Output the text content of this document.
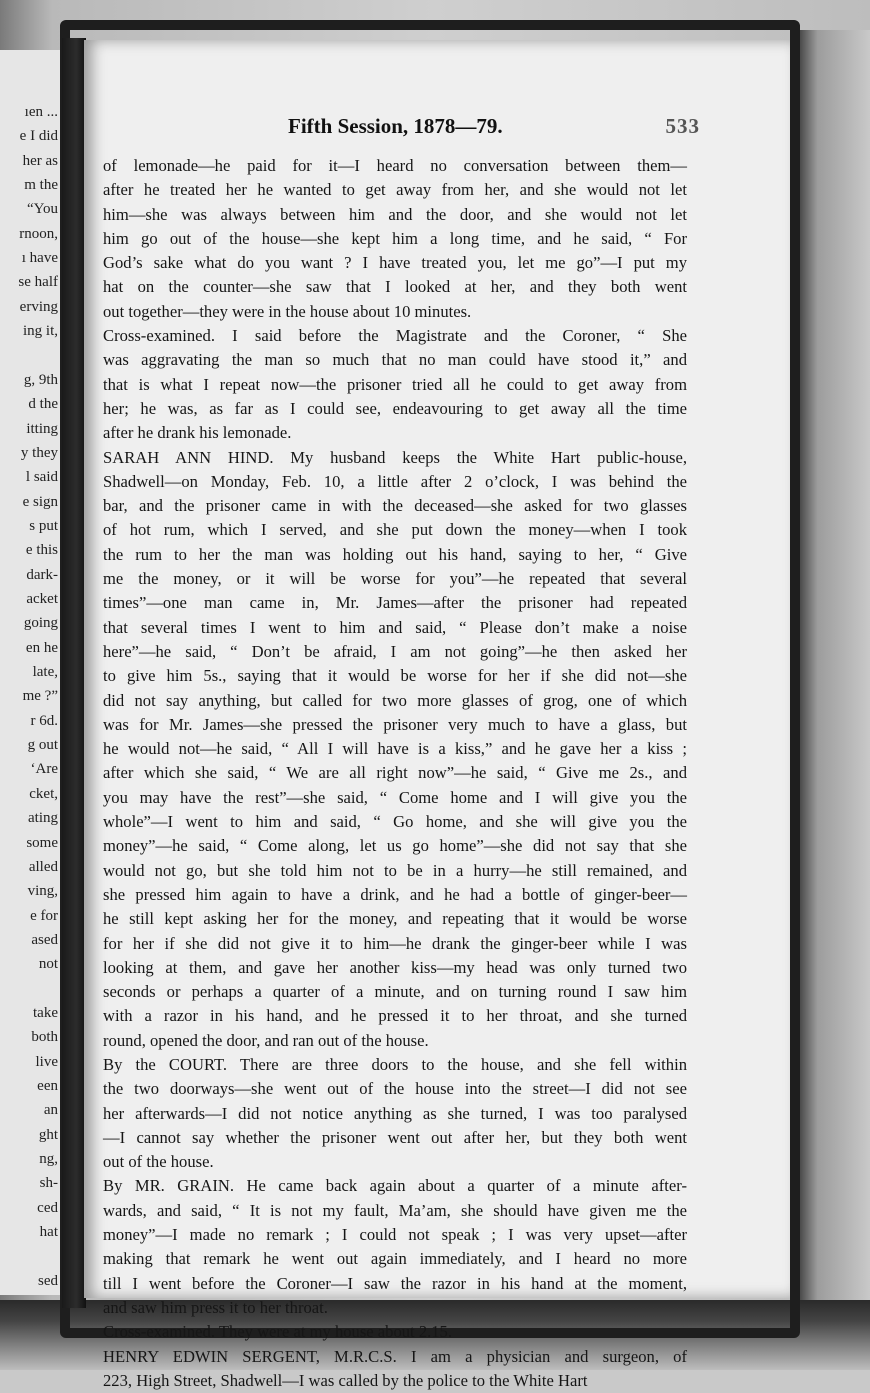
ıen ...
e I did
her as
m the
“You
rnoon,
ı have
se half
erving
ing it,
g, 9th
d the
itting
y they
l said
e sign
s put
e this
dark-
acket
going
en he
late,
me ?”
r 6d.
g out
‘Are
cket,
ating
some
alled
ving,
e for
ased
not
take
both
live
een
an
ght
ng,
sh-
ced
hat
sed
Fifth Session, 1878—79.	533
of lemonade—he paid for it—I heard no conversation between them—
after he treated her he wanted to get away from her, and she would not let
him—she was always between him and the door, and she would not let
him go out of the house—she kept him a long time, and he said, “ For
God’s sake what do you want ? I have treated you, let me go”—I put my
hat on the counter—she saw that I looked at her, and they both went
out together—they were in the house about 10 minutes.
Cross-examined. I said before the Magistrate and the Coroner, “ She
was aggravating the man so much that no man could have stood it,” and
that is what I repeat now—the prisoner tried all he could to get away from
her; he was, as far as I could see, endeavouring to get away all the time
after he drank his lemonade.
SARAH ANN HIND. My husband keeps the White Hart public-house,
Shadwell—on Monday, Feb. 10, a little after 2 o’clock, I was behind the
bar, and the prisoner came in with the deceased—she asked for two glasses
of hot rum, which I served, and she put down the money—when I took
the rum to her the man was holding out his hand, saying to her, “ Give
me the money, or it will be worse for you”—he repeated that several
times”—one man came in, Mr. James—after the prisoner had repeated
that several times I went to him and said, “ Please don’t make a noise
here”—he said, “ Don’t be afraid, I am not going”—he then asked her
to give him 5s., saying that it would be worse for her if she did not—she
did not say anything, but called for two more glasses of grog, one of which
was for Mr. James—she pressed the prisoner very much to have a glass, but
he would not—he said, “ All I will have is a kiss,” and he gave her a kiss ;
after which she said, “ We are all right now”—he said, “ Give me 2s., and
you may have the rest”—she said, “ Come home and I will give you the
whole”—I went to him and said, “ Go home, and she will give you the
money”—he said, “ Come along, let us go home”—she did not say that she
would not go, but she told him not to be in a hurry—he still remained, and
she pressed him again to have a drink, and he had a bottle of ginger-beer—
he still kept asking her for the money, and repeating that it would be worse
for her if she did not give it to him—he drank the ginger-beer while I was
looking at them, and gave her another kiss—my head was only turned two
seconds or perhaps a quarter of a minute, and on turning round I saw him
with a razor in his hand, and he pressed it to her throat, and she turned
round, opened the door, and ran out of the house.
By the COURT. There are three doors to the house, and she fell within
the two doorways—she went out of the house into the street—I did not see
her afterwards—I did not notice anything as she turned, I was too paralysed
—I cannot say whether the prisoner went out after her, but they both went
out of the house.
By MR. GRAIN. He came back again about a quarter of a minute after-
wards, and said, “ It is not my fault, Ma’am, she should have given me the
money”—I made no remark ; I could not speak ; I was very upset—after
making that remark he went out again immediately, and I heard no more
till I went before the Coroner—I saw the razor in his hand at the moment,
and saw him press it to her throat.
Cross-examined. They were at my house about 2.15.
HENRY EDWIN SERGENT, M.R.C.S. I am a physician and surgeon, of
223, High Street, Shadwell—I was called by the police to the White Hart
